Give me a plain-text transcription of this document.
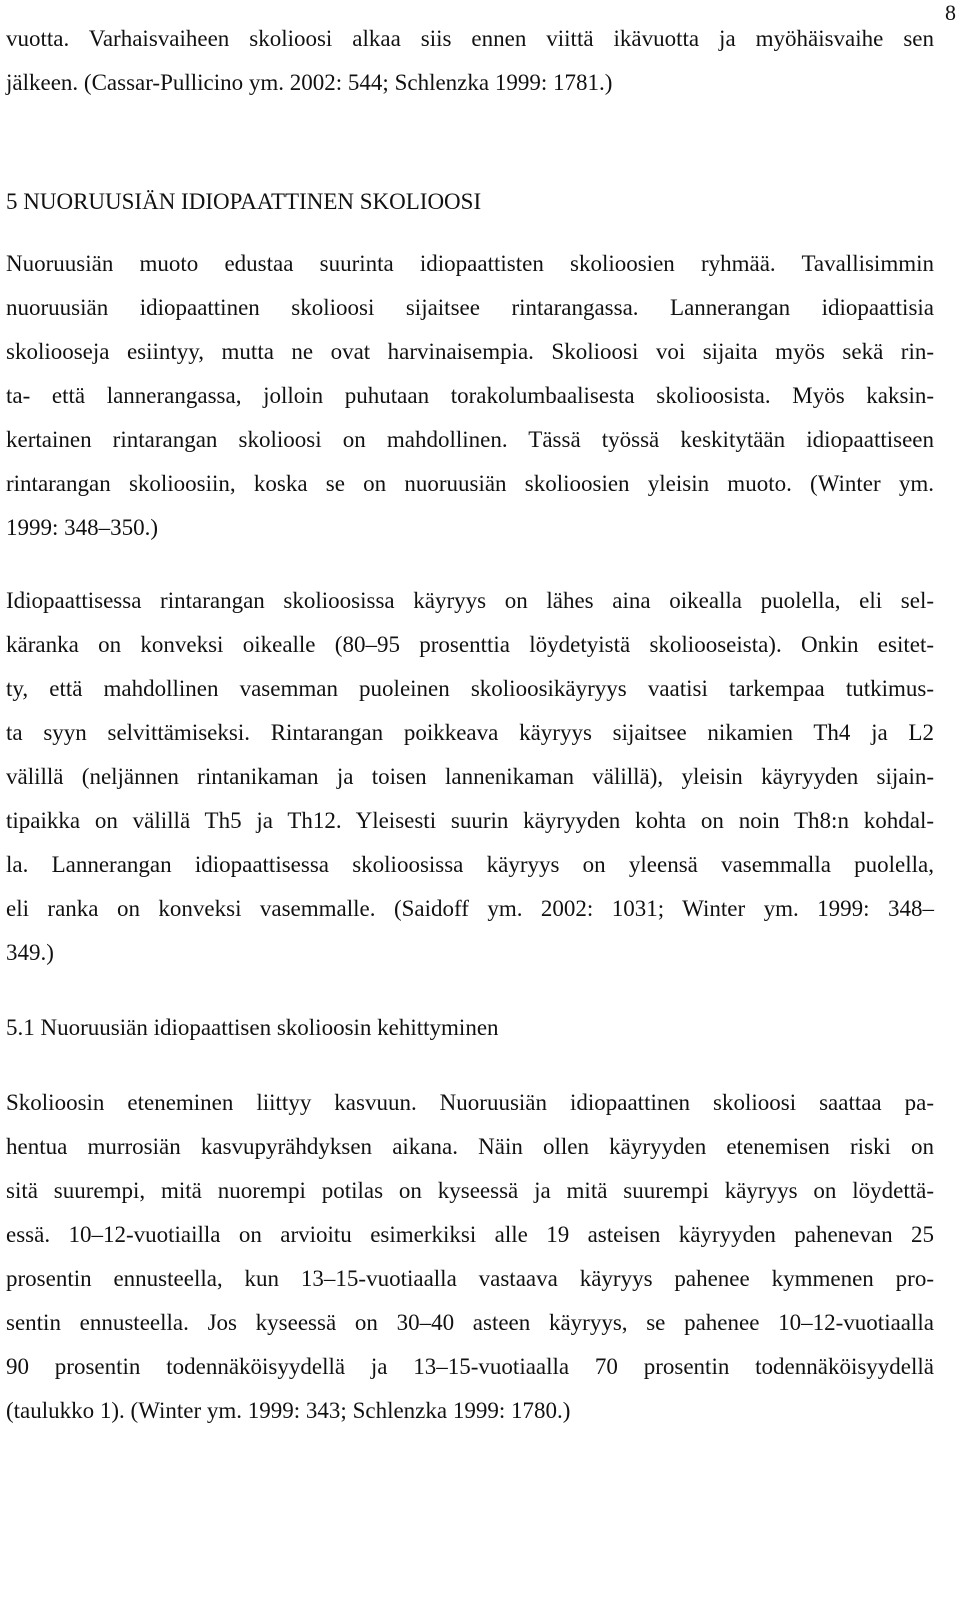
8
vuotta. Varhaisvaiheen skolioosi alkaa siis ennen viittä ikävuotta ja myöhäisvaihe sen
jälkeen. (Cassar-Pullicino ym. 2002: 544; Schlenzka 1999: 1781.)
5 NUORUUSIÄN IDIOPAATTINEN SKOLIOOSI
Nuoruusiän muoto edustaa suurinta idiopaattisten skolioosien ryhmää. Tavallisimmin
nuoruusiän idiopaattinen skolioosi sijaitsee rintarangassa. Lannerangan idiopaattisia
skoliooseja esiintyy, mutta ne ovat harvinaisempia. Skolioosi voi sijaita myös sekä rin-
ta- että lannerangassa, jolloin puhutaan torakolumbaalisesta skolioosista. Myös kaksin-
kertainen rintarangan skolioosi on mahdollinen. Tässä työssä keskitytään idiopaattiseen
rintarangan skolioosiin, koska se on nuoruusiän skolioosien yleisin muoto. (Winter ym.
1999: 348–350.)
Idiopaattisessa rintarangan skolioosissa käyryys on lähes aina oikealla puolella, eli sel-
käranka on konveksi oikealle (80–95 prosenttia löydetyistä skoliooseista). Onkin esitet-
ty, että mahdollinen vasemman puoleinen skolioosikäyryys vaatisi tarkempaa tutkimus-
ta syyn selvittämiseksi. Rintarangan poikkeava käyryys sijaitsee nikamien Th4 ja L2
välillä (neljännen rintanikaman ja toisen lannenikaman välillä), yleisin käyryyden sijain-
tipaikka on välillä Th5 ja Th12. Yleisesti suurin käyryyden kohta on noin Th8:n kohdal-
la. Lannerangan idiopaattisessa skolioosissa käyryys on yleensä vasemmalla puolella,
eli ranka on konveksi vasemmalle. (Saidoff ym. 2002: 1031; Winter ym. 1999: 348–
349.)
5.1 Nuoruusiän idiopaattisen skolioosin kehittyminen
Skolioosin eteneminen liittyy kasvuun. Nuoruusiän idiopaattinen skolioosi saattaa pa-
hentua murrosiän kasvupyrähdyksen aikana. Näin ollen käyryyden etenemisen riski on
sitä suurempi, mitä nuorempi potilas on kyseessä ja mitä suurempi käyryys on löydettä-
essä. 10–12-vuotiailla on arvioitu esimerkiksi alle 19 asteisen käyryyden pahenevan 25
prosentin ennusteella, kun 13–15-vuotiaalla vastaava käyryys pahenee kymmenen pro-
sentin ennusteella. Jos kyseessä on 30–40 asteen käyryys, se pahenee 10–12-vuotiaalla
90 prosentin todennäköisyydellä ja 13–15-vuotiaalla 70 prosentin todennäköisyydellä
(taulukko 1). (Winter ym. 1999: 343; Schlenzka 1999: 1780.)
